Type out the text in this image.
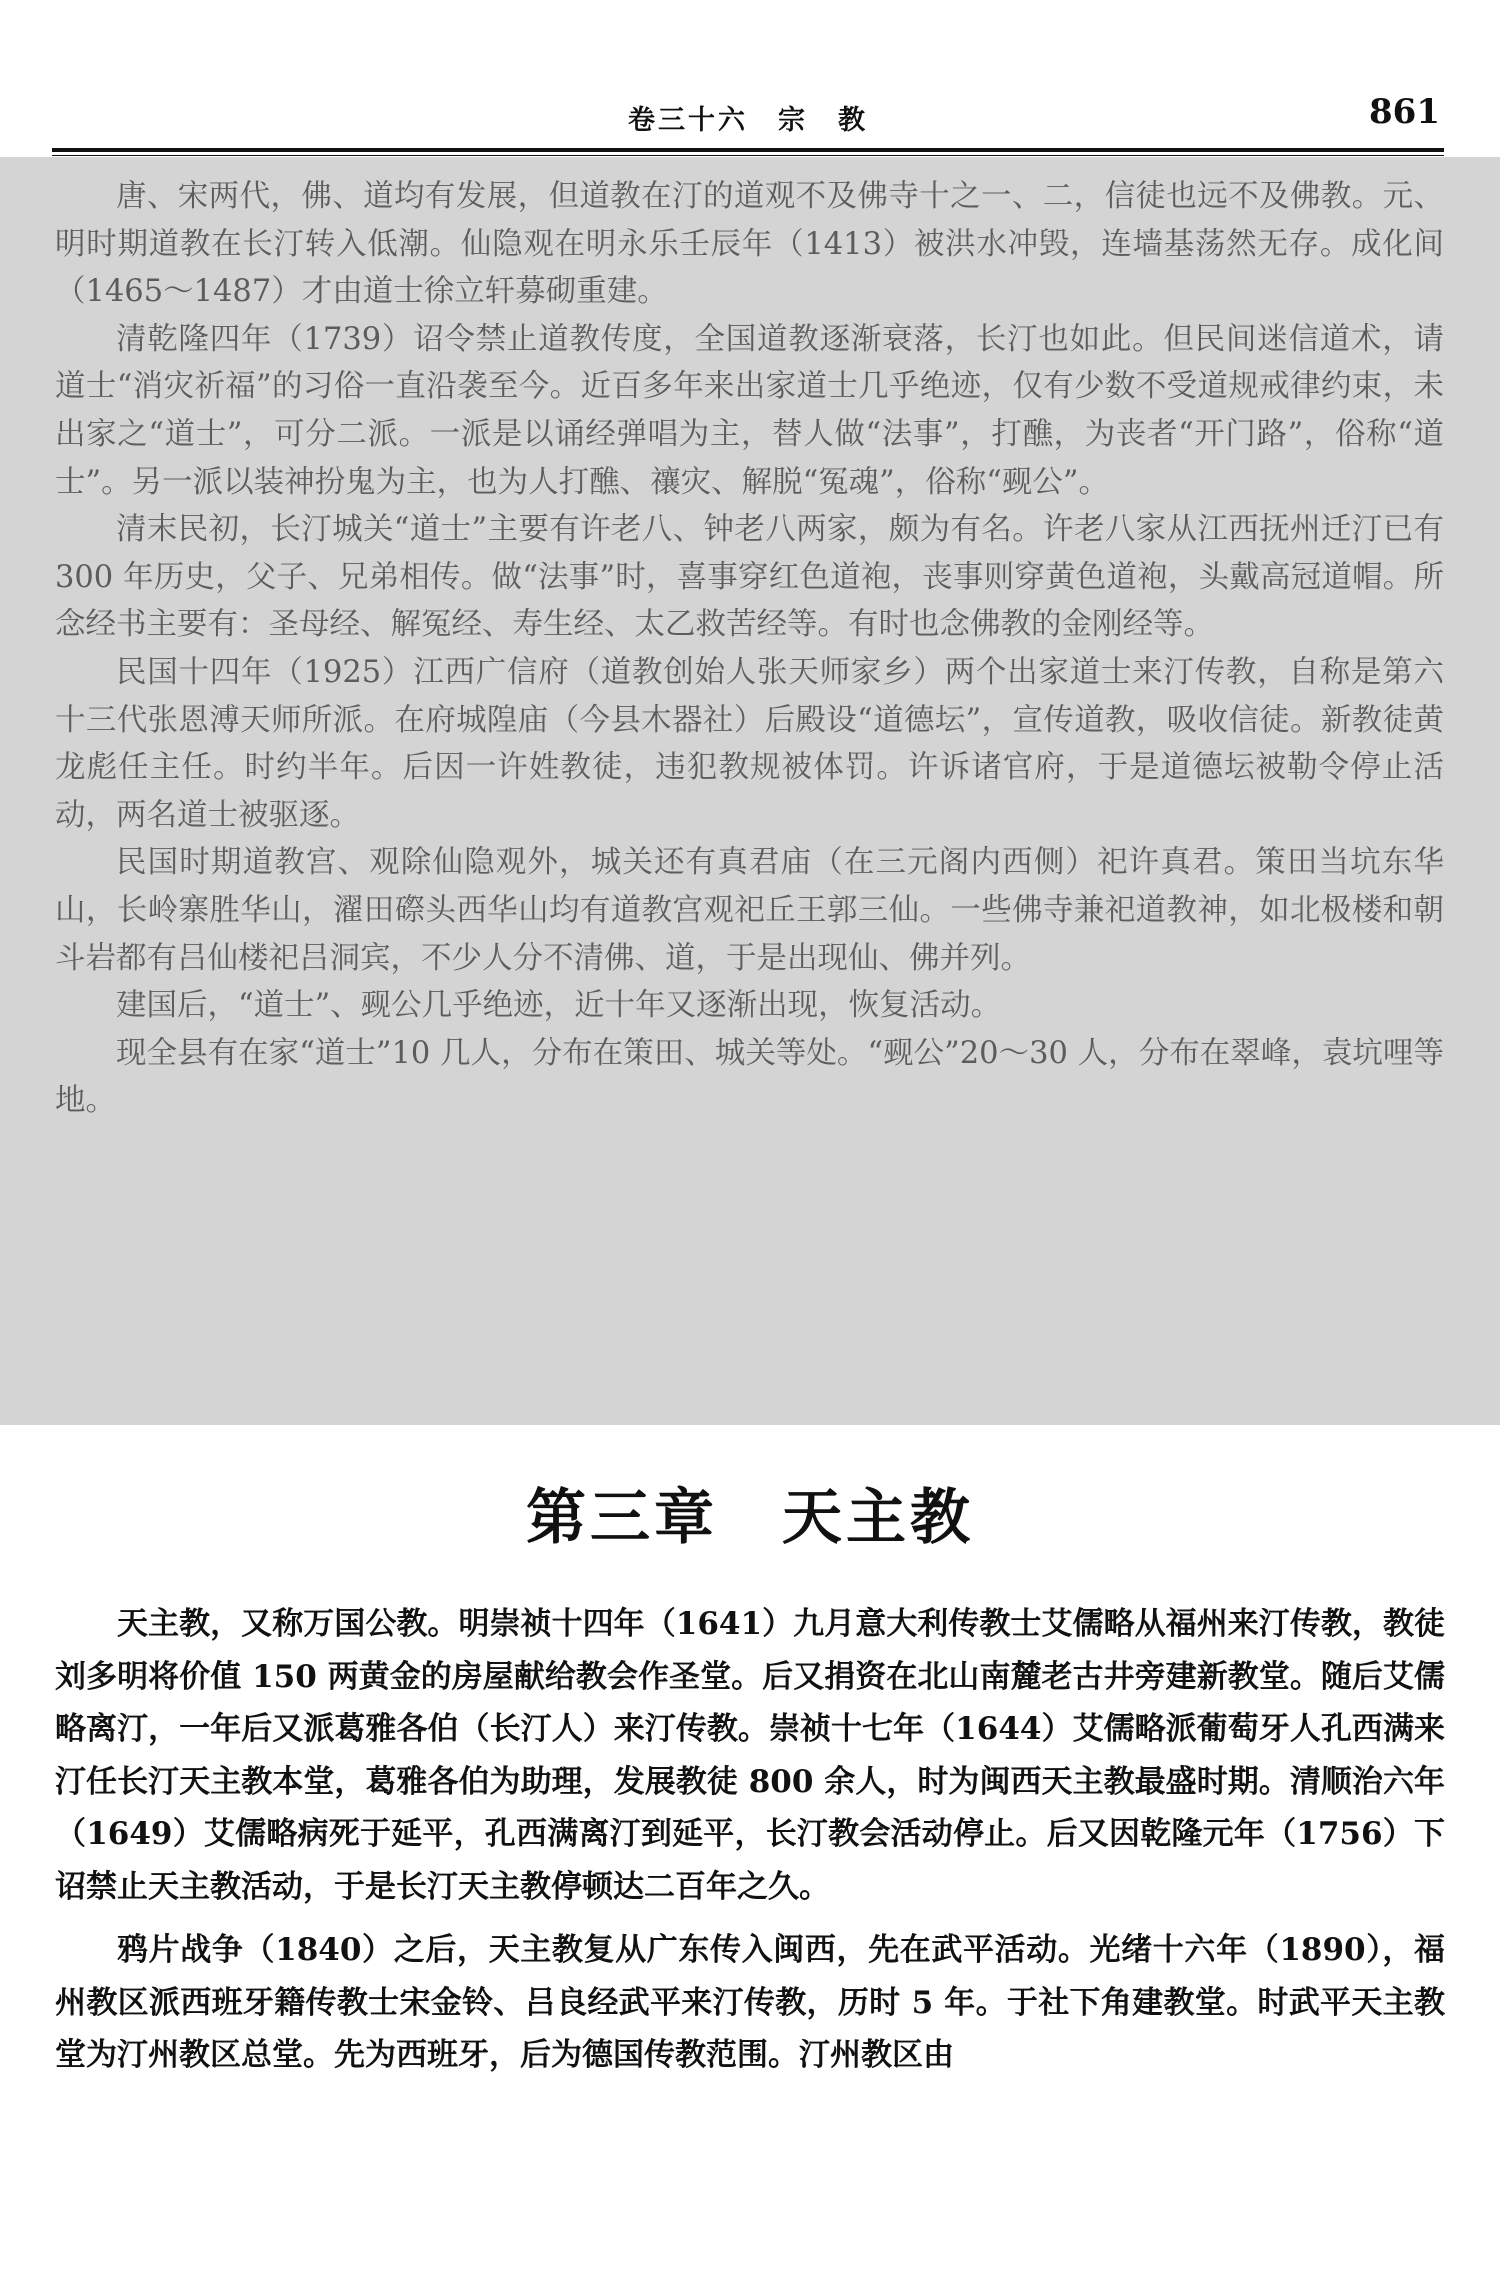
卷三十六　宗　教	861

唐、宋两代，佛、道均有发展，但道教在汀的道观不及佛寺十之一、二，信徒也远不及佛教。元、明时期道教在长汀转入低潮。仙隐观在明永乐壬辰年（1413）被洪水冲毁，连墙基荡然无存。成化间（1465～1487）才由道士徐立轩募砌重建。

清乾隆四年（1739）诏令禁止道教传度，全国道教逐渐衰落，长汀也如此。但民间迷信道术，请道士“消灾祈福”的习俗一直沿袭至今。近百多年来出家道士几乎绝迹，仅有少数不受道规戒律约束，未出家之“道士”，可分二派。一派是以诵经弹唱为主，替人做“法事”，打醮，为丧者“开门路”，俗称“道士”。另一派以装神扮鬼为主，也为人打醮、禳灾、解脱“冤魂”，俗称“觋公”。

清末民初，长汀城关“道士”主要有许老八、钟老八两家，颇为有名。许老八家从江西抚州迁汀已有 300 年历史，父子、兄弟相传。做“法事”时，喜事穿红色道袍，丧事则穿黄色道袍，头戴高冠道帽。所念经书主要有：圣母经、解冤经、寿生经、太乙救苦经等。有时也念佛教的金刚经等。

民国十四年（1925）江西广信府（道教创始人张天师家乡）两个出家道士来汀传教，自称是第六十三代张恩溥天师所派。在府城隍庙（今县木器社）后殿设“道德坛”，宣传道教，吸收信徒。新教徒黄龙彪任主任。时约半年。后因一许姓教徒，违犯教规被体罚。许诉诸官府，于是道德坛被勒令停止活动，两名道士被驱逐。

民国时期道教宫、观除仙隐观外，城关还有真君庙（在三元阁内西侧）祀许真君。策田当坑东华山，长岭寨胜华山，濯田磜头西华山均有道教宫观祀丘王郭三仙。一些佛寺兼祀道教神，如北极楼和朝斗岩都有吕仙楼祀吕洞宾，不少人分不清佛、道，于是出现仙、佛并列。

建国后，“道士”、觋公几乎绝迹，近十年又逐渐出现，恢复活动。

现全县有在家“道士”10 几人，分布在策田、城关等处。“觋公”20～30 人，分布在翠峰，袁坑哩等地。

第三章　天主教

天主教，又称万国公教。明崇祯十四年（1641）九月意大利传教士艾儒略从福州来汀传教，教徒刘多明将价值 150 两黄金的房屋献给教会作圣堂。后又捐资在北山南麓老古井旁建新教堂。随后艾儒略离汀，一年后又派葛雅各伯（长汀人）来汀传教。崇祯十七年（1644）艾儒略派葡萄牙人孔西满来汀任长汀天主教本堂，葛雅各伯为助理，发展教徒 800 余人，时为闽西天主教最盛时期。清顺治六年（1649）艾儒略病死于延平，孔西满离汀到延平，长汀教会活动停止。后又因乾隆元年（1756）下诏禁止天主教活动，于是长汀天主教停顿达二百年之久。

鸦片战争（1840）之后，天主教复从广东传入闽西，先在武平活动。光绪十六年（1890），福州教区派西班牙籍传教士宋金铃、吕良经武平来汀传教，历时 5 年。于社下角建教堂。时武平天主教堂为汀州教区总堂。先为西班牙，后为德国传教范围。汀州教区由
